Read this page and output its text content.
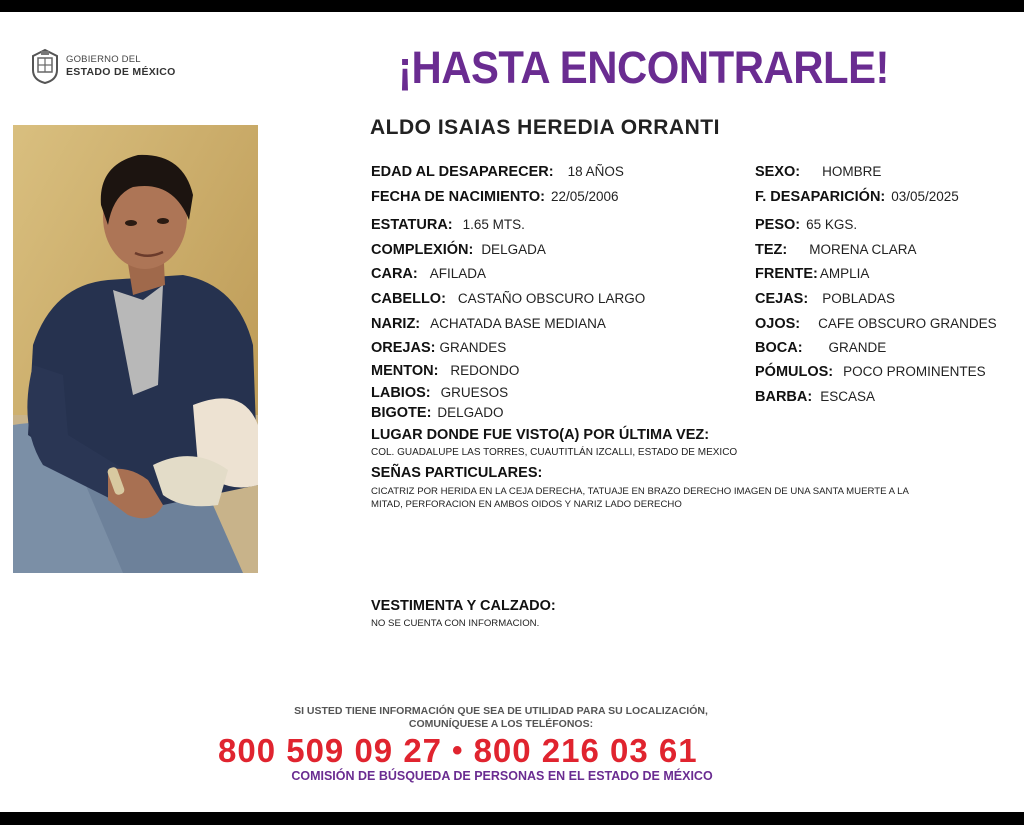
GOBIERNO DEL
ESTADO DE MÉXICO	¡HASTA ENCONTRARLE!
ALDO ISAIAS HEREDIA ORRANTI
EDAD AL DESAPARECER: 18 AÑOS
FECHA DE NACIMIENTO: 22/05/2006
ESTATURA: 1.65 MTS.
COMPLEXIÓN: DELGADA
CARA: AFILADA
CABELLO: CASTAÑO OBSCURO LARGO
NARIZ: ACHATADA BASE MEDIANA
OREJAS: GRANDES
MENTON: REDONDO
LABIOS: GRUESOS
BIGOTE: DELGADO
SEXO: HOMBRE
F. DESAPARICIÓN: 03/05/2025
PESO: 65 KGS.
TEZ: MORENA CLARA
FRENTE: AMPLIA
CEJAS: POBLADAS
OJOS: CAFE OBSCURO GRANDES
BOCA: GRANDE
PÓMULOS: POCO PROMINENTES
BARBA: ESCASA
LUGAR DONDE FUE VISTO(A) POR ÚLTIMA VEZ:
COL. GUADALUPE LAS TORRES, CUAUTITLÁN IZCALLI, ESTADO DE MEXICO
SEÑAS PARTICULARES:
CICATRIZ POR HERIDA EN LA CEJA DERECHA, TATUAJE EN BRAZO DERECHO IMAGEN DE UNA SANTA MUERTE A LA
MITAD, PERFORACION EN AMBOS OIDOS Y NARIZ LADO DERECHO
VESTIMENTA Y CALZADO:
NO SE CUENTA CON INFORMACION.
SI USTED TIENE INFORMACIÓN QUE SEA DE UTILIDAD PARA SU LOCALIZACIÓN,
COMUNÍQUESE A LOS TELÉFONOS:
800 509 09 27 • 800 216 03 61
COMISIÓN DE BÚSQUEDA DE PERSONAS EN EL ESTADO DE MÉXICO
